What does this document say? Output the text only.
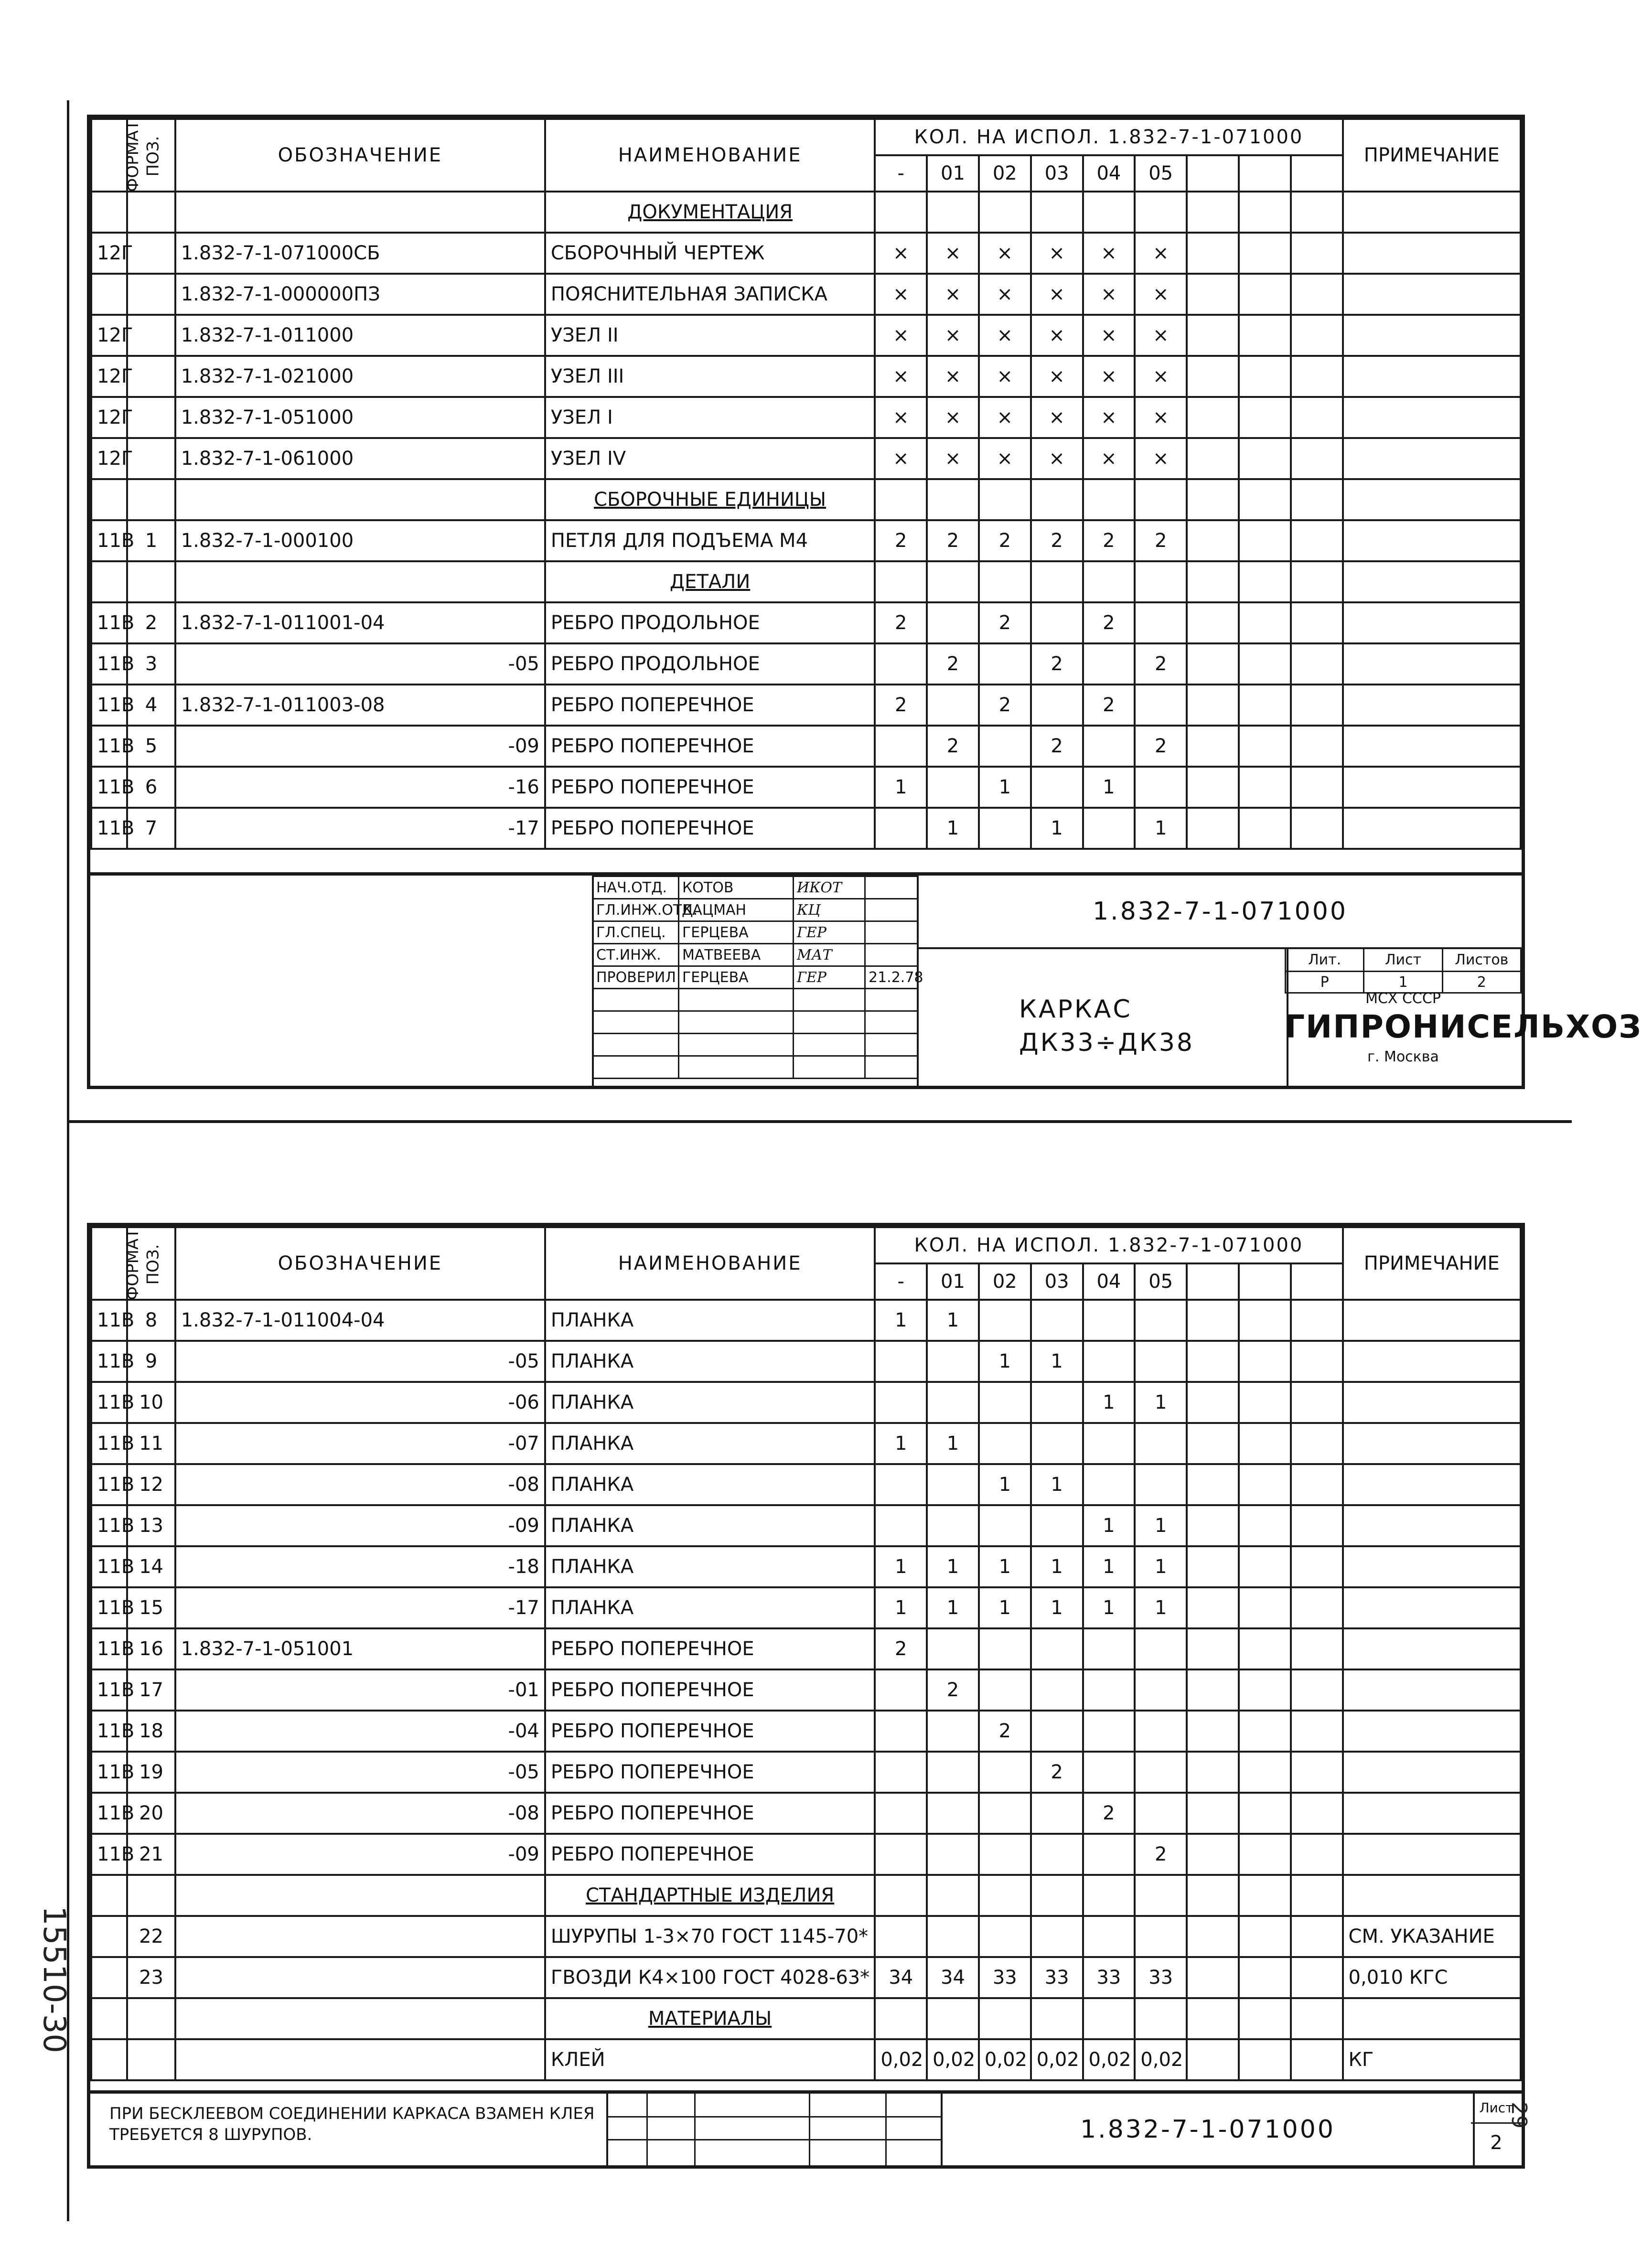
ФОРМАТ	ПОЗ.	ОБОЗНАЧЕНИЕ	НАИМЕНОВАНИЕ	КОЛ. НА ИСПОЛ. 1.832-7-1-071000									ПРИМЕЧАНИЕ
				-	01	02	03	04	05				
			ДОКУМЕНТАЦИЯ										
12Г		1.832-7-1-071000СБ	СБОРОЧНЫЙ ЧЕРТЕЖ	×	×	×	×	×	×				
		1.832-7-1-000000ПЗ	ПОЯСНИТЕЛЬНАЯ ЗАПИСКА	×	×	×	×	×	×				
12Г		1.832-7-1-011000	УЗЕЛ II	×	×	×	×	×	×				
12Г		1.832-7-1-021000	УЗЕЛ III	×	×	×	×	×	×				
12Г		1.832-7-1-051000	УЗЕЛ I	×	×	×	×	×	×				
12Г		1.832-7-1-061000	УЗЕЛ IV	×	×	×	×	×	×				
			СБОРОЧНЫЕ ЕДИНИЦЫ										
11В	1	1.832-7-1-000100	ПЕТЛЯ ДЛЯ ПОДЪЕМА М4	2	2	2	2	2	2				
			ДЕТАЛИ										
11В	2	1.832-7-1-011001-04	РЕБРО ПРОДОЛЬНОЕ	2		2		2					
11В	3	-05	РЕБРО ПРОДОЛЬНОЕ		2		2		2				
11В	4	1.832-7-1-011003-08	РЕБРО ПОПЕРЕЧНОЕ	2		2		2					
11В	5	-09	РЕБРО ПОПЕРЕЧНОЕ		2		2		2				
11В	6	-16	РЕБРО ПОПЕРЕЧНОЕ	1		1		1					
11В	7	-17	РЕБРО ПОПЕРЕЧНОЕ		1		1		1				
НАЧ.ОТД.	КОТОВ	ИКОТ	
ГЛ.ИНЖ.ОТД.	КАЦМАН	КЦ	
ГЛ.СПЕЦ.	ГЕРЦЕВА	ГЕР	
СТ.ИНЖ.	МАТВЕЕВА	МАТ	
ПРОВЕРИЛ	ГЕРЦЕВА	ГЕР	21.2.78

1.832-7-1-071000
КАРКАС
ДК33÷ДК38
Лит.	Лист	Листов
Р	1	2
МСХ СССР
ГИПРОНИСЕЛЬХОЗ
г. Москва
ФОРМАТ	ПОЗ.	ОБОЗНАЧЕНИЕ	НАИМЕНОВАНИЕ	КОЛ. НА ИСПОЛ. 1.832-7-1-071000									ПРИМЕЧАНИЕ
				-	01	02	03	04	05				
11В	8	1.832-7-1-011004-04	ПЛАНКА	1	1								
11В	9	-05	ПЛАНКА			1	1						
11В	10	-06	ПЛАНКА					1	1				
11В	11	-07	ПЛАНКА	1	1								
11В	12	-08	ПЛАНКА			1	1						
11В	13	-09	ПЛАНКА					1	1				
11В	14	-18	ПЛАНКА	1	1	1	1	1	1				
11В	15	-17	ПЛАНКА	1	1	1	1	1	1				
11В	16	1.832-7-1-051001	РЕБРО ПОПЕРЕЧНОЕ	2									
11В	17	-01	РЕБРО ПОПЕРЕЧНОЕ		2								
11В	18	-04	РЕБРО ПОПЕРЕЧНОЕ			2							
11В	19	-05	РЕБРО ПОПЕРЕЧНОЕ				2						
11В	20	-08	РЕБРО ПОПЕРЕЧНОЕ					2					
11В	21	-09	РЕБРО ПОПЕРЕЧНОЕ						2				
			СТАНДАРТНЫЕ ИЗДЕЛИЯ										
	22		ШУРУПЫ 1-3×70 ГОСТ 1145-70*										СМ. УКАЗАНИЕ
	23		ГВОЗДИ К4×100 ГОСТ 4028-63*	34	34	33	33	33	33				0,010 КГС
			МАТЕРИАЛЫ										
			КЛЕЙ	0,02	0,02	0,02	0,02	0,02	0,02				КГ
ПРИ БЕСКЛЕЕВОМ СОЕДИНЕНИИ КАРКАСА ВЗАМЕН КЛЕЯ ТРЕБУЕТСЯ 8 ШУРУПОВ.	1.832-7-1-071000
Лист
2
15510-30
29
